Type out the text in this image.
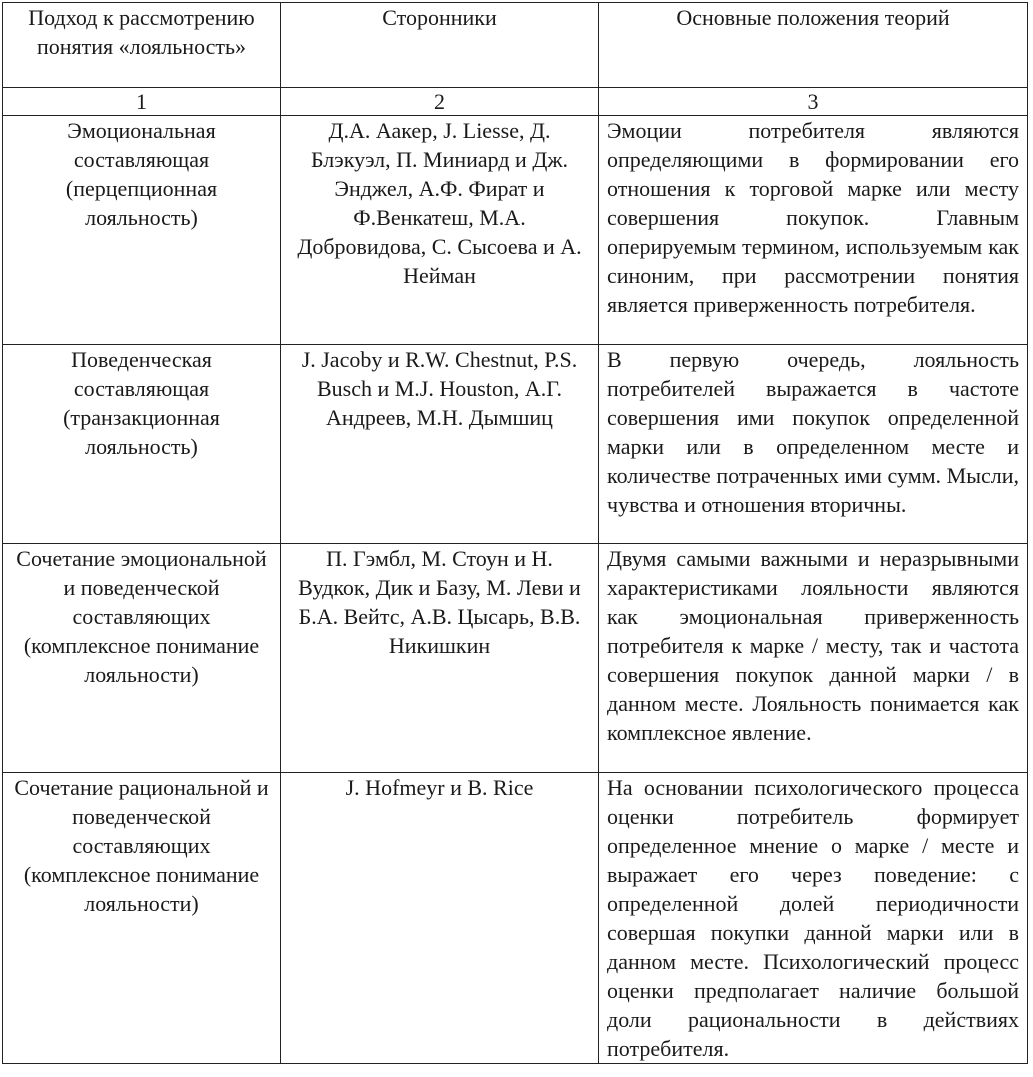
Подход к рассмотрению понятия «лояльность»	Сторонники	Основные положения теорий
1	2	3
Эмоциональная составляющая (перцепционная лояльность)	Д.А. Аакер, J. Liesse, Д. Блэкуэл, П. Миниард и Дж. Энджел, А.Ф. Фират и Ф.Венкатеш, М.А. Добровидова, С. Сысоева и А. Нейман	Эмоции потребителя являются определяющими в формировании его отношения к торговой марке или месту совершения покупок. Главным оперируемым термином, используемым как синоним, при рассмотрении понятия является приверженность потребителя.
Поведенческая составляющая (транзакционная лояльность)	J. Jacoby и R.W. Chestnut, P.S. Busch и M.J. Houston, А.Г. Андреев, М.Н. Дымшиц	В первую очередь, лояльность потребителей выражается в частоте совершения ими покупок определенной марки или в определенном месте и количестве потраченных ими сумм. Мысли, чувства и отношения вторичны.
Сочетание эмоциональной и поведенческой составляющих (комплексное понимание лояльности)	П. Гэмбл, М. Стоун и Н. Вудкок, Дик и Базу, М. Леви и Б.А. Вейтс, А.В. Цысарь, В.В. Никишкин	Двумя самыми важными и неразрывными характеристиками лояльности являются как эмоциональная приверженность потребителя к марке / месту, так и частота совершения покупок данной марки / в данном месте. Лояльность понимается как комплексное явление.
Сочетание рациональной и поведенческой составляющих (комплексное понимание лояльности)	J. Hofmeyr и B. Rice	На основании психологического процесса оценки потребитель формирует определенное мнение о марке / месте и выражает его через поведение: с определенной долей периодичности совершая покупки данной марки или в данном месте. Психологический процесс оценки предполагает наличие большой доли рациональности в действиях потребителя.
